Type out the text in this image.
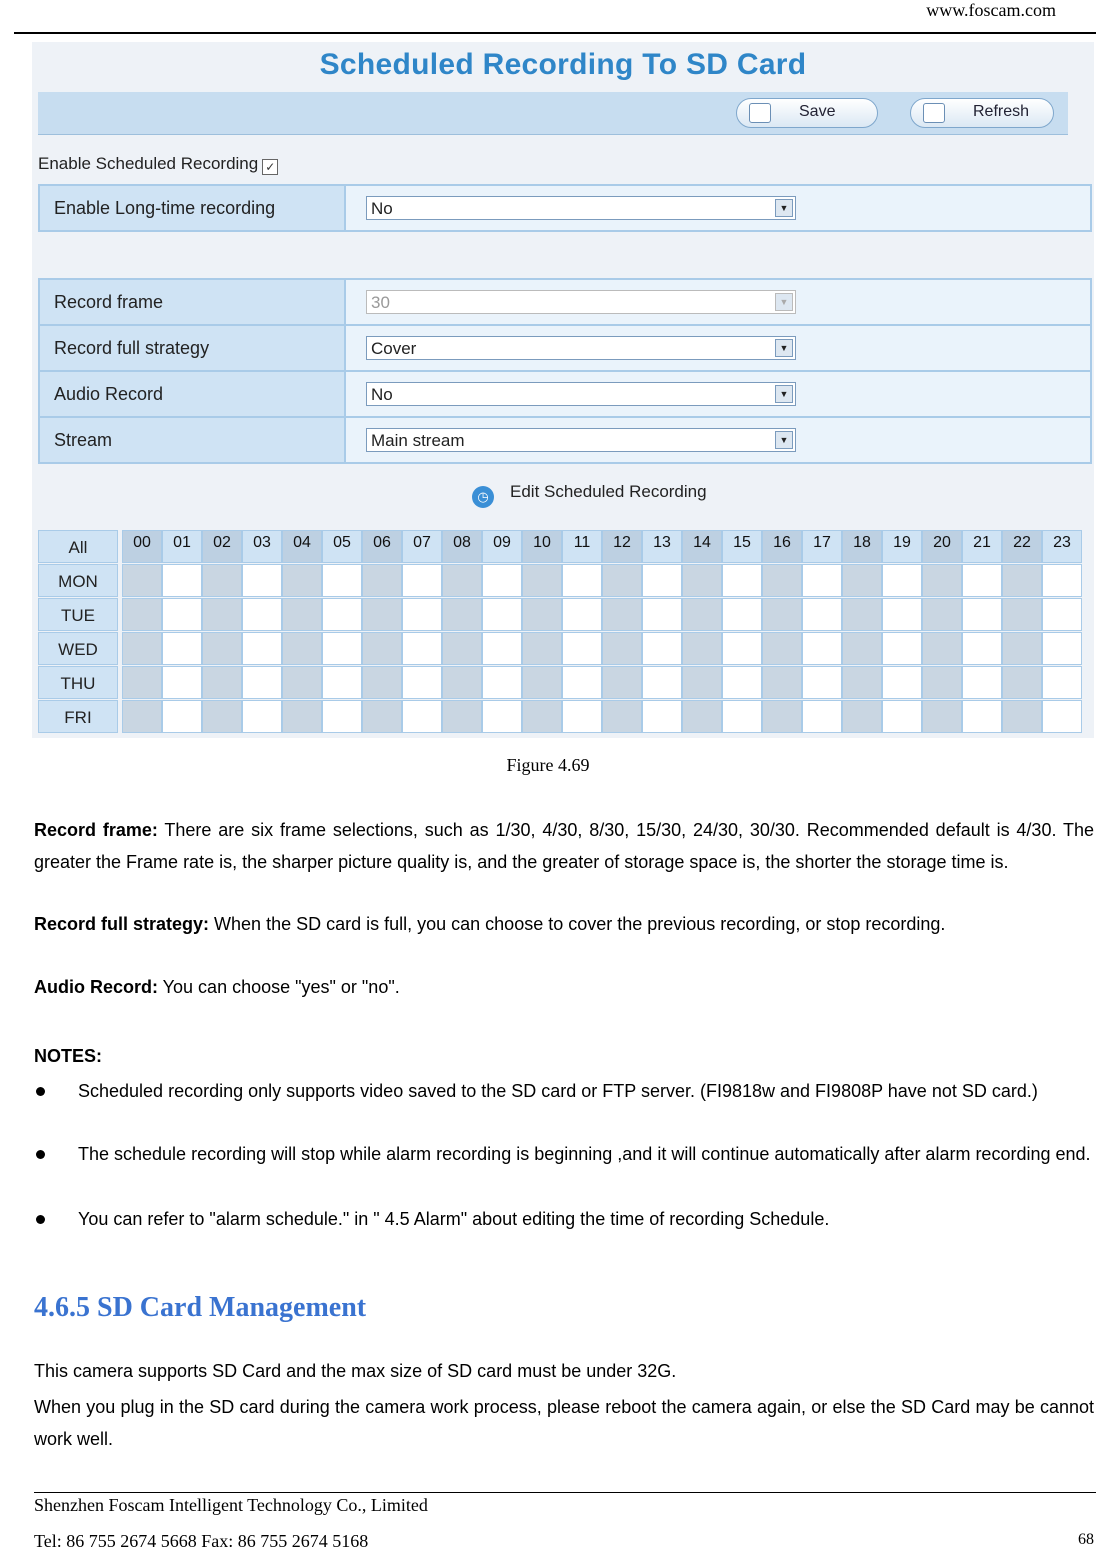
www.foscam.com
Scheduled Recording To SD Card
Save	Refresh
Enable Scheduled Recording ✓
Enable Long-time recording	No	▼
Record frame	30 ▼

Record full strategy	Cover ▼

Audio Record	No ▼

Stream	Main stream ▼
◷ Edit Scheduled Recording
All	00	01	02	03	04	05	06	07	08	09	10	11	12	13	14	15	16	17	18	19	20	21	22	23
MON
TUE
WED
THU
FRI
Figure 4.69
Record frame: There are six frame selections, such as 1/30, 4/30, 8/30, 15/30, 24/30, 30/30. Recommended default is 4/30. The greater the Frame rate is, the sharper picture quality is, and the greater of storage space is, the shorter the storage time is.
Record full strategy: When the SD card is full, you can choose to cover the previous recording, or stop recording.
Audio Record: You can choose "yes" or "no".
NOTES:
Scheduled recording only supports video saved to the SD card or FTP server. (FI9818w and FI9808P have not SD card.)
The schedule recording will stop while alarm recording is beginning ,and it will continue automatically after alarm recording end.
You can refer to "alarm schedule." in " 4.5 Alarm" about editing the time of recording Schedule.
4.6.5 SD Card Management
This camera supports SD Card and the max size of SD card must be under 32G.
When you plug in the SD card during the camera work process, please reboot the camera again, or else the SD Card may be cannot work well.
Shenzhen Foscam Intelligent Technology Co., Limited
Tel: 86 755 2674 5668 Fax: 86 755 2674 5168	68
